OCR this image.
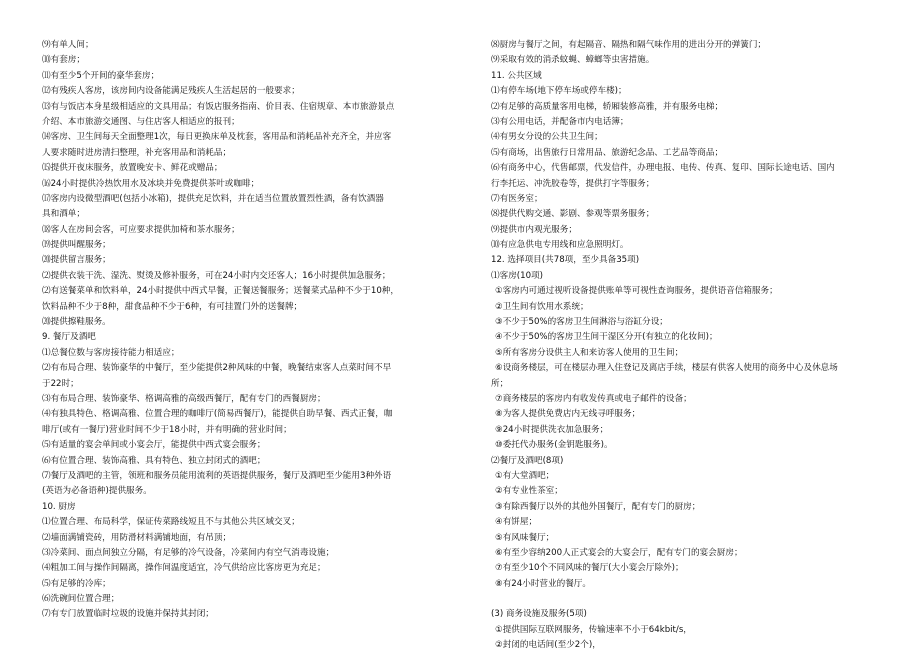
⑼有单人间；
⑽有套房；
⑾有至少5个开间的豪华套房；
⑿有残疾人客房，该房间内设备能满足残疾人生活起居的一般要求；
⒀有与饭店本身星级相适应的文具用品；有饭店服务指南、价目表、住宿规章、本市旅游景点
介绍、本市旅游交通图、与住店客人相适应的报刊；
⒁客房、卫生间每天全面整理1次，每日更换床单及枕套，客用品和消耗品补充齐全，并应客
人要求随时进房清扫整理，补充客用品和消耗品；
⒂提供开夜床服务，放置晚安卡、鲜花或赠品；
⒃24小时提供冷热饮用水及冰块并免费提供茶叶或咖啡；
⒄客房内设微型酒吧(包括小冰箱)，提供充足饮料，并在适当位置放置烈性酒，备有饮酒器
具和酒单；
⒅客人在房间会客，可应要求提供加椅和茶水服务；
⒆提供叫醒服务；
⒇提供留言服务；
⑵提供衣装干洗、湿洗、熨烫及修补服务，可在24小时内交还客人；16小时提供加急服务；
⑵有送餐菜单和饮料单，24小时提供中西式早餐，正餐送餐服务；送餐菜式品种不少于10种，
饮料品种不少于8种，甜食品种不少于6种，有可挂置门外的送餐牌；
⒇提供擦鞋服务。
9. 餐厅及酒吧
⑴总餐位数与客房接待能力相适应；
⑵有布局合理、装饰豪华的中餐厅，至少能提供2种风味的中餐，晚餐结束客人点菜时间不早
于22时；
⑶有布局合理、装饰豪华、格调高雅的高级西餐厅，配有专门的西餐厨房；
⑷有独具特色、格调高雅、位置合理的咖啡厅(简易西餐厅)，能提供自助早餐、西式正餐，咖
啡厅(或有一餐厅)营业时间不少于18小时，并有明确的营业时间；
⑸有适量的宴会单间或小宴会厅，能提供中西式宴会服务；
⑹有位置合理、装饰高雅、具有特色、独立封闭式的酒吧；
⑺餐厅及酒吧的主管，领班和服务员能用流利的英语提供服务，餐厅及酒吧至少能用3种外语
(英语为必备语种)提供服务。
10. 厨房
⑴位置合理、布局科学，保证传菜路线短且不与其他公共区域交叉；
⑵墙面满铺瓷砖，用防滑材料满铺地面，有吊顶；
⑶冷菜间、面点间独立分隔，有足够的冷气设备，冷菜间内有空气消毒设施；
⑷粗加工间与操作间隔离，操作间温度适宜，冷气供给应比客房更为充足；
⑸有足够的冷库；
⑹洗碗间位置合理；
⑺有专门放置临时垃圾的设施并保持其封闭；
⑻厨房与餐厅之间，有起隔音、隔热和隔气味作用的进出分开的弹簧门；
⑼采取有效的消杀蚊蝇、蟑螂等虫害措施。
11. 公共区域
⑴有停车场(地下停车场或停车楼)；
⑵有足够的高质量客用电梯，轿厢装修高雅，并有服务电梯；
⑶有公用电话，并配备市内电话簿；
⑷有男女分设的公共卫生间；
⑸有商场，出售旅行日常用品、旅游纪念品、工艺品等商品；
⑹有商务中心，代售邮票，代发信件，办理电报、电传、传真、复印、国际长途电话、国内
行李托运、冲洗胶卷等，提供打字等服务；
⑺有医务室；
⑻提供代购交通、影剧、参观等票务服务；
⑼提供市内观光服务；
⑽有应急供电专用线和应急照明灯。
12. 选择项目(共78项，至少具备35项)
⑴客房(10项)
①客房内可通过视听设备提供账单等可视性查询服务，提供语音信箱服务；
②卫生间有饮用水系统；
③不少于50%的客房卫生间淋浴与浴缸分设；
④不少于50%的客房卫生间干湿区分开(有独立的化妆间)；
⑤所有客房分设供主人和来访客人使用的卫生间；
⑥设商务楼层，可在楼层办理入住登记及离店手续，楼层有供客人使用的商务中心及休息场
所；
⑦商务楼层的客房内有收发传真或电子邮件的设备；
⑧为客人提供免费店内无线寻呼服务；
⑨24小时提供洗衣加急服务；
⑩委托代办服务(金钥匙服务)。
⑵餐厅及酒吧(8项)
①有大堂酒吧；
②有专业性茶室；
③有除西餐厅以外的其他外国餐厅，配有专门的厨房；
④有饼屋；
⑤有风味餐厅；
⑥有至少容纳200人正式宴会的大宴会厅，配有专门的宴会厨房；
⑦有至少10个不同风味的餐厅(大小宴会厅除外)；
⑧有24小时营业的餐厅。
(3) 商务设施及服务(5项)
①提供国际互联网服务，传输速率不小于64kbit/s，
②封闭的电话间(至少2个)，
